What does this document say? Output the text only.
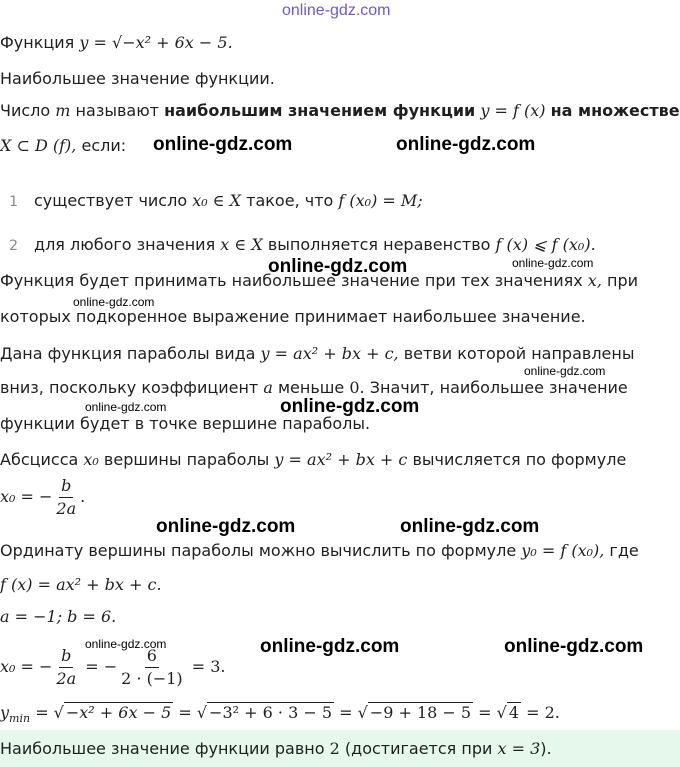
online-gdz.com
Функция y = √−x² + 6x − 5.
Наибольшее значение функции.
Число m называют наибольшим значением функции y = f (x) на множестве
X ⊂ D (f), если: online-gdz.com	online-gdz.com
1 существует число x₀ ∈ X такое, что f (x₀) = M;
2 для любого значения x ∈ X выполняется неравенство f (x) ⩽ f (x₀).
online-gdz.com	online-gdz.com
Функция будет принимать наибольшее значение при тех значениях x, при
online-gdz.com
которых подкоренное выражение принимает наибольшее значение.
Дана функция параболы вида y = ax² + bx + c, ветви которой направлены
online-gdz.com
вниз, поскольку коэффициент a меньше 0. Значит, наибольшее значение
online-gdz.com	online-gdz.com
функции будет в точке вершине параболы.
Абсцисса x₀ вершины параболы y = ax² + bx + c вычисляется по формуле
x₀ = − $\frac{b}{2a}$ .
online-gdz.com	online-gdz.com
Ординату вершины параболы можно вычислить по формуле y₀ = f (x₀), где
f (x) = ax² + bx + c.
a = −1; b = 6.
online-gdz.com	online-gdz.com	online-gdz.com
x₀ = − $\frac{b}{2a}$ = − $\frac{6}{2 \cdot (-1)} = 3$.
$y_{min}$ = √ −x² + 6x − 5 = √ −3² + 6 · 3 − 5 = √ −9 + 18 − 5 = √ 4 = 2.
Наибольшее значение функции равно 2 (достигается при x = 3).
